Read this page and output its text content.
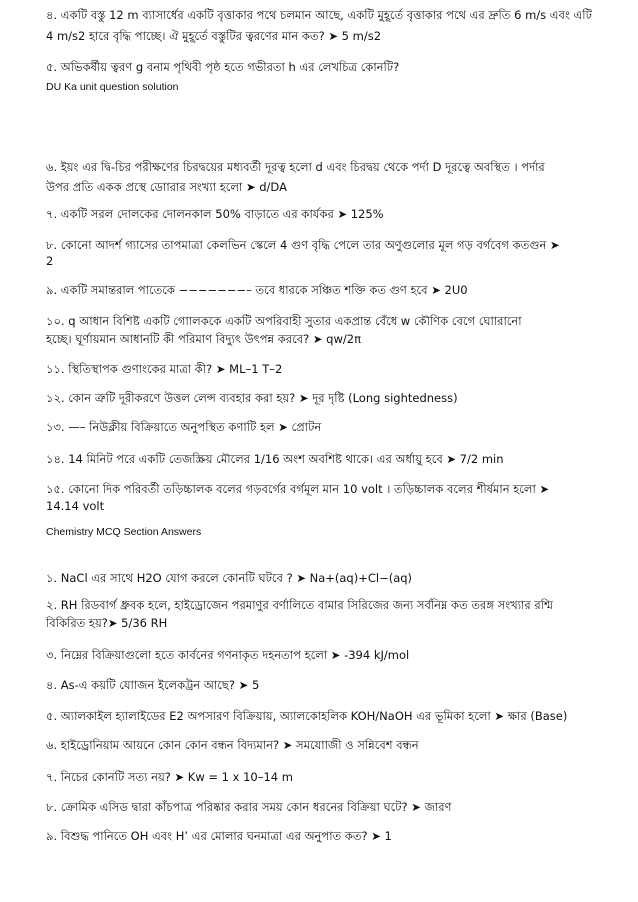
৪. একটি বস্তু 12 m ব্যাসার্ধের একটি বৃত্তাকার পথে চলমান আছে, একটি মুহূর্তে বৃত্তাকার পথে এর দ্রুতি 6 m/s এবং এটি
4 m/s2 হারে বৃদ্ধি পাচ্ছে। ঐ মুহূর্তে বস্তুটির ত্বরণের মান কত? ➤ 5 m/s2
৫. অভিকর্ষীয় ত্বরণ g বনাম পৃথিবী পৃষ্ঠ হতে গভীরতা h এর লেখচিত্র কোনটি?
DU Ka unit question solution
৬. ইয়ং এর দ্বি-চির পরীক্ষণের চিরদ্বয়ের মধ্যবর্তী দূরত্ব হলাে d এবং চিরদ্বয় থেকে পর্দা D দূরত্বে অবস্থিত । পর্দার
উপর প্রতি একক প্রস্থে ডাােরার সংখ্যা হলাে ➤ d/DA
৭. একটি সরল দোলকের দোলনকাল 50% বাড়াতে এর কার্যকর ➤ 125%
৮. কোনাে আদর্শ গ্যাসের তাপমাত্রা কেলভিন স্কেলে 4 গুণ বৃদ্ধি পেলে তার অণুগুলাের মূল গড় বর্গবেগ কতগুন ➤
2
৯. একটি সমান্তরাল পাতেকে −−−−−−−– তবে ধারকে সঞ্চিত শক্তি কত গুণ হবে ➤ 2U0
১০. q আধান বিশিষ্ট একটি গাােলককে একটি অপরিবাহী সুতার একপ্রান্ত বেঁধে w কৌণিক বেগে ঘাােরানাে
হচ্ছে। ঘূর্ণায়মান আধানটি কী পরিমাণ বিদ্যুৎ উৎপন্ন করবে? ➤ qw/2π
১১. স্থিতিস্থাপক গুণাংকের মাত্রা কী? ➤ ML–1 T–2
১২. কোন ত্রুটি দূরীকরণে উত্তল লেন্স ব্যবহার করা হয়? ➤ দূর দৃষ্টি (Long sightedness)
১৩. —– নিউক্লীয় বিক্রিয়াতে অনুপস্থিত কণাটি হল ➤ প্রোটন
১৪. 14 মিনিট পরে একটি তেজস্ক্রিয় মৌলের 1/16 অংশ অবশিষ্ট থাকে। এর অর্ধায়ু হবে ➤ 7/2 min
১৫. কোনাে দিক পরিবর্তী তড়িচ্চালক বলের গড়বর্গের বর্গমূল মান 10 volt । তড়িচ্চালক বলের শীর্ষমান হলাে ➤
14.14 volt
Chemistry MCQ Section Answers
১. NaCl এর সাথে H2O যোগ করলে কোনটি ঘটবে ? ➤ Na+(aq)+Cl−(aq)
২. RH রিডবার্গ ধ্রুবক হলে, হাইড্রোজেন পরমাণুর বর্ণালিতে বামার সিরিজের জন্য সর্বনিম্ন কত তরঙ্গ সংখ্যার রশ্মি
বিকিরিত হয়?➤ 5/36 RH
৩. নিম্নের বিক্রিয়াগুলাে হতে কার্বনের গণনাকৃত দহনতাপ হলাে ➤ -394 kJ/mol
৪. As-এ কয়টি যাােজন ইলেকট্রন আছে? ➤ 5
৫. অ্যালকাইল হ্যালাইডের E2 অপসারণ বিক্রিয়ায়, অ্যালকোহলিক KOH/NaOH এর ভূমিকা হলাে ➤ ক্ষার (Base)
৬. হাইড্রোনিয়াম আয়নে কোন কোন বন্ধন বিদ্যমান? ➤ সমযাােজী ও সন্নিবেশ বন্ধন
৭. নিচের কোনটি সত্য নয়? ➤ Kw = 1 x 10–14 m
৮. ক্রোমিক এসিড দ্বারা কাঁচপাত্র পরিষ্কার করার সময় কোন ধরনের বিক্রিয়া ঘটে? ➤ জারণ
৯. বিশুদ্ধ পানিতে OH এবং H’ এর মোলার ঘনমাত্রা এর অনুপাত কত? ➤ 1
